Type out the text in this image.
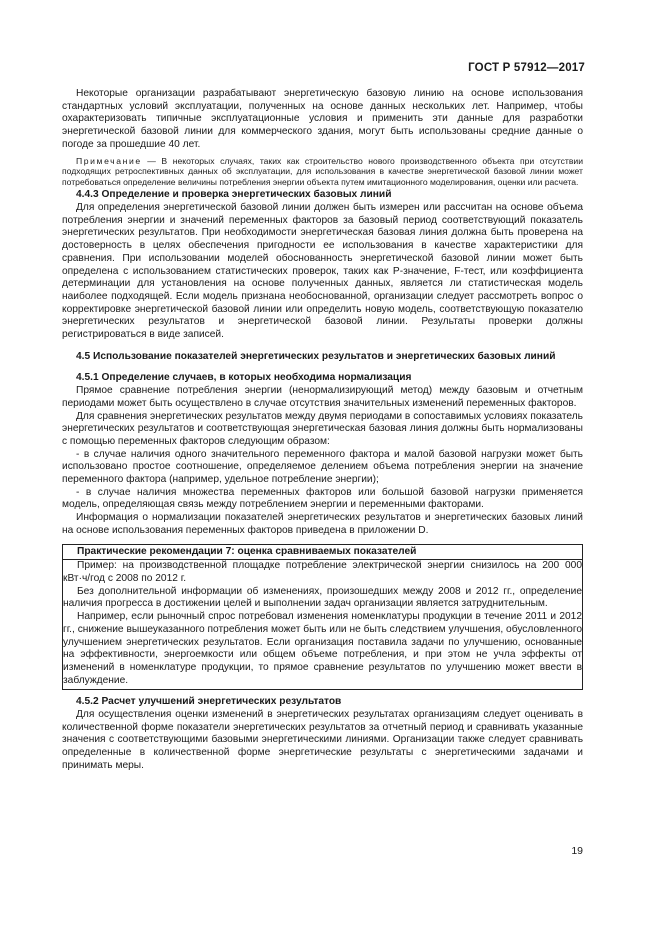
ГОСТ Р 57912—2017

Некоторые организации разрабатывают энергетическую базовую линию на основе использования стандартных условий эксплуатации, полученных на основе данных нескольких лет. Например, чтобы охарактеризовать типичные эксплуатационные условия и применить эти данные для разработки энергетической базовой линии для коммерческого здания, могут быть использованы средние данные о погоде за прошедшие 40 лет.

Примечание — В некоторых случаях, таких как строительство нового производственного объекта при отсутствии подходящих ретроспективных данных об эксплуатации, для использования в качестве энергетической базовой линии может потребоваться определение величины потребления энергии объекта путем имитационного моделирования, оценки или расчета.

4.4.3 Определение и проверка энергетических базовых линий

Для определения энергетической базовой линии должен быть измерен или рассчитан на основе объема потребления энергии и значений переменных факторов за базовый период соответствующий показатель энергетических результатов. При необходимости энергетическая базовая линия должна быть проверена на достоверность в целях обеспечения пригодности ее использования в качестве характеристики для сравнения. При использовании моделей обоснованность энергетической базовой линии может быть определена с использованием статистических проверок, таких как P-значение, F-тест, или коэффициента детерминации для установления на основе полученных данных, является ли статистическая модель наиболее подходящей. Если модель признана необоснованной, организации следует рассмотреть вопрос о корректировке энергетической базовой линии или определить новую модель, соответствующую показателю энергетических результатов и энергетической базовой линии. Результаты проверки должны регистрироваться в виде записей.

4.5 Использование показателей энергетических результатов и энергетических базовых линий

4.5.1 Определение случаев, в которых необходима нормализация

Прямое сравнение потребления энергии (ненормализирующий метод) между базовым и отчетным периодами может быть осуществлено в случае отсутствия значительных изменений переменных факторов.

Для сравнения энергетических результатов между двумя периодами в сопоставимых условиях показатель энергетических результатов и соответствующая энергетическая базовая линия должны быть нормализованы с помощью переменных факторов следующим образом:

- в случае наличия одного значительного переменного фактора и малой базовой нагрузки может быть использовано простое соотношение, определяемое делением объема потребления энергии на значение переменного фактора (например, удельное потребление энергии);

- в случае наличия множества переменных факторов или большой базовой нагрузки применяется модель, определяющая связь между потреблением энергии и переменными факторами.

Информация о нормализации показателей энергетических результатов и энергетических базовых линий на основе использования переменных факторов приведена в приложении D.

Практические рекомендации 7: оценка сравниваемых показателей

Пример: на производственной площадке потребление электрической энергии снизилось на 200 000 кВт·ч/год с 2008 по 2012 г.

Без дополнительной информации об изменениях, произошедших между 2008 и 2012 гг., определение наличия прогресса в достижении целей и выполнении задач организации является затруднительным.

Например, если рыночный спрос потребовал изменения номенклатуры продукции в течение 2011 и 2012 гг., снижение вышеуказанного потребления может быть или не быть следствием улучшения, обусловленного улучшением энергетических результатов. Если организация поставила задачи по улучшению, основанные на эффективности, энергоемкости или общем объеме потребления, и при этом не учла эффекты от изменений в номенклатуре продукции, то прямое сравнение результатов по улучшению может ввести в заблуждение.

4.5.2 Расчет улучшений энергетических результатов

Для осуществления оценки изменений в энергетических результатах организациям следует оценивать в количественной форме показатели энергетических результатов за отчетный период и сравнивать указанные значения с соответствующими базовыми энергетическими линиями. Организации также следует сравнивать определенные в количественной форме энергетические результаты с энергетическими задачами и принимать меры.

19
